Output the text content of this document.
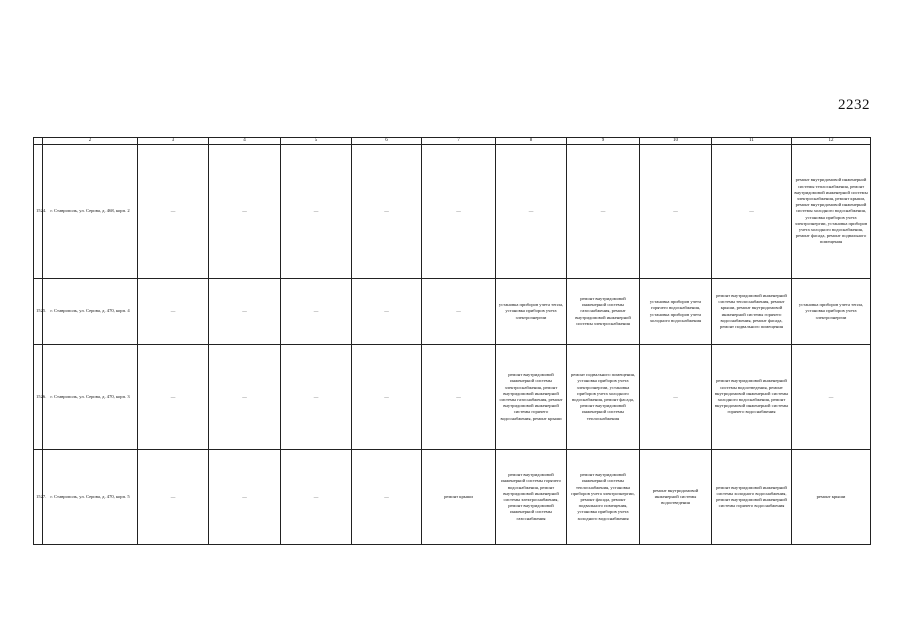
2232
	2	3	4	5	6	7	8	9	10	11	12	
1524.	г. Ставрополь, ул. Серова, д. 468, корп. 2	—	—	—	—	—	—	—	—	—	ремонт внутридомовой инженерной системы теплоснабжения, ремонт внутридомовой инженерной системы электроснабжения, ремонт крыши, ремонт внутридомовой инженерной системы холодного водоснабжения, установка приборов учета электроэнергии, установка приборов учета холодного водоснабжения, ремонт фасада, ремонт подвального помещения	
1525.	г. Ставрополь, ул. Серова, д. 470, корп. 4	—	—	—	—	—	установка приборов учета тепла, установка приборов учета электроэнергии	ремонт внутридомовой инженерной системы газоснабжения, ремонт внутридомовой инженерной системы электроснабжения	установка приборов учета горячего водоснабжения, установка приборов учета холодного водоснабжения	ремонт внутридомовой инженерной системы теплоснабжения, ремонт крыши, ремонт внутридомовой инженерной системы горячего водоснабжения, ремонт фасада, ремонт подвального помещения	установка приборов учета тепла, установка приборов учета электроэнергии	
1526.	г. Ставрополь, ул. Серова, д. 470, корп. 3	—	—	—	—	—	ремонт внутридомовой инженерной системы электроснабжения, ремонт внутридомовой инженерной системы газоснабжения, ремонт внутридомовой инженерной системы горячего водоснабжения, ремонт крыши	ремонт подвального помещения, установка приборов учета электроэнергии, установка приборов учета холодного водоснабжения, ремонт фасада, ремонт внутридомовой инженерной системы теплоснабжения	—	ремонт внутридомовой инженерной системы водоотведения, ремонт внутридомовой инженерной системы холодного водоснабжения, ремонт внутридомовой инженерной системы горячего водоснабжения	—	
1527.	г. Ставрополь, ул. Серова, д. 470, корп. 5	—	—	—	—	ремонт крыши	ремонт внутридомовой инженерной системы горячего водоснабжения, ремонт внутридомовой инженерной системы электроснабжения, ремонт внутридомовой инженерной системы газоснабжения	ремонт внутридомовой инженерной системы теплоснабжения, установка приборов учета электроэнергии, ремонт фасада, ремонт подвального помещения, установка приборов учета холодного водоснабжения	ремонт внутридомовой инженерной системы водоотведения	ремонт внутридомовой инженерной системы холодного водоснабжения, ремонт внутридомовой инженерной системы горячего водоснабжения	ремонт крыши	
